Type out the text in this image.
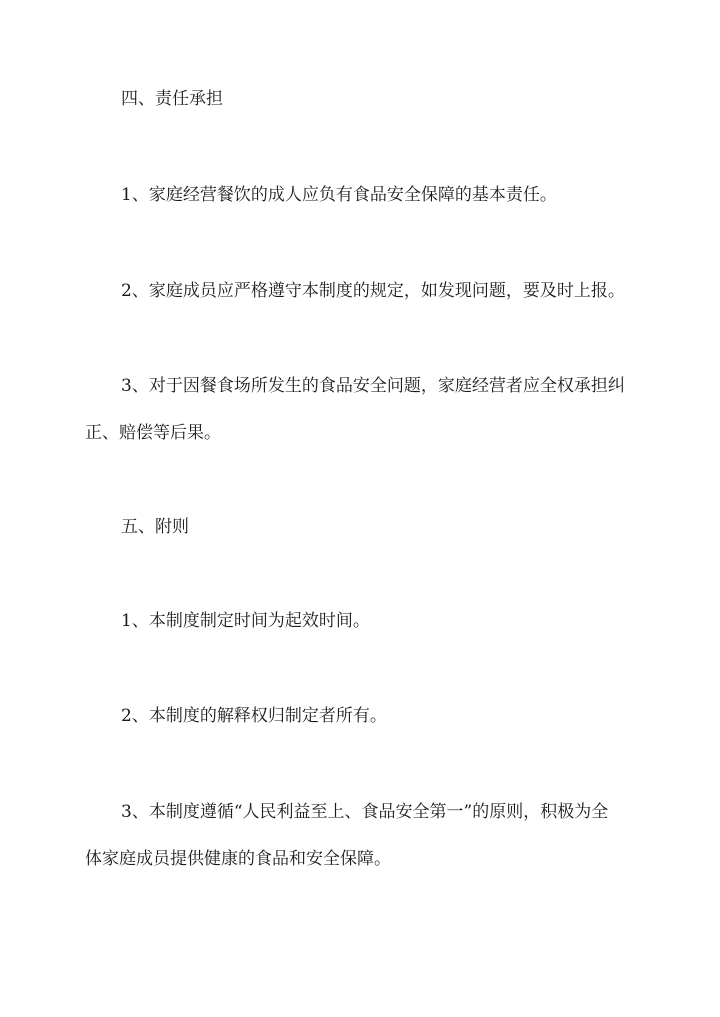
四、责任承担
1、家庭经营餐饮的成人应负有食品安全保障的基本责任。
2、家庭成员应严格遵守本制度的规定，如发现问题，要及时上报。
3、对于因餐食场所发生的食品安全问题，家庭经营者应全权承担纠
正、赔偿等后果。
五、附则
1、本制度制定时间为起效时间。
2、本制度的解释权归制定者所有。
3、本制度遵循“人民利益至上、食品安全第一”的原则，积极为全
体家庭成员提供健康的食品和安全保障。
